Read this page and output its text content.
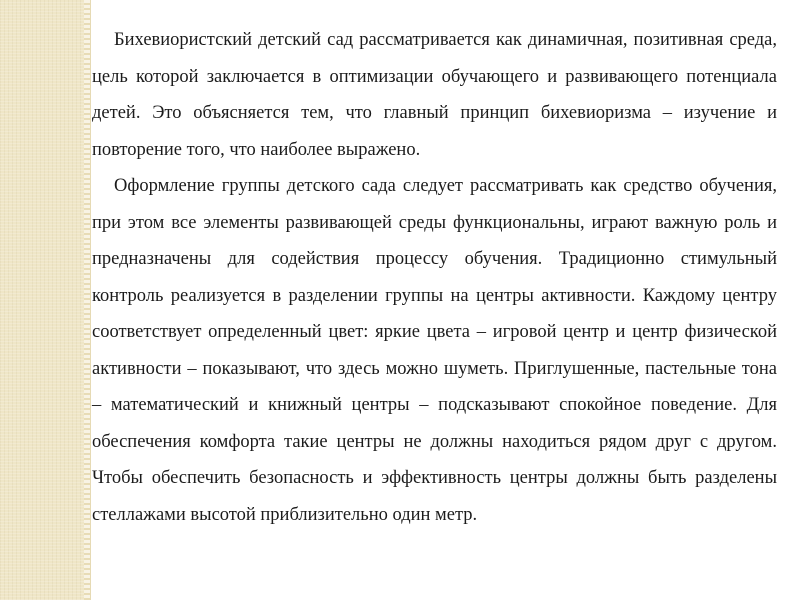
Бихевиористский детский сад рассматривается как динамичная, позитивная среда, цель которой заключается в оптимизации обучающего и развивающего потенциала детей. Это объясняется тем, что главный принцип бихевиоризма – изучение и повторение того, что наиболее выражено.

Оформление группы детского сада следует рассматривать как средство обучения, при этом все элементы развивающей среды функциональны, играют важную роль и предназначены для содействия процессу обучения. Традиционно стимульный контроль реализуется в разделении группы на центры активности. Каждому центру соответствует определенный цвет: яркие цвета – игровой центр и центр физической активности – показывают, что здесь можно шуметь. Приглушенные, пастельные тона – математический и книжный центры – подсказывают спокойное поведение. Для обеспечения комфорта такие центры не должны находиться рядом друг с другом. Чтобы обеспечить безопасность и эффективность центры должны быть разделены стеллажами высотой приблизительно один метр.
